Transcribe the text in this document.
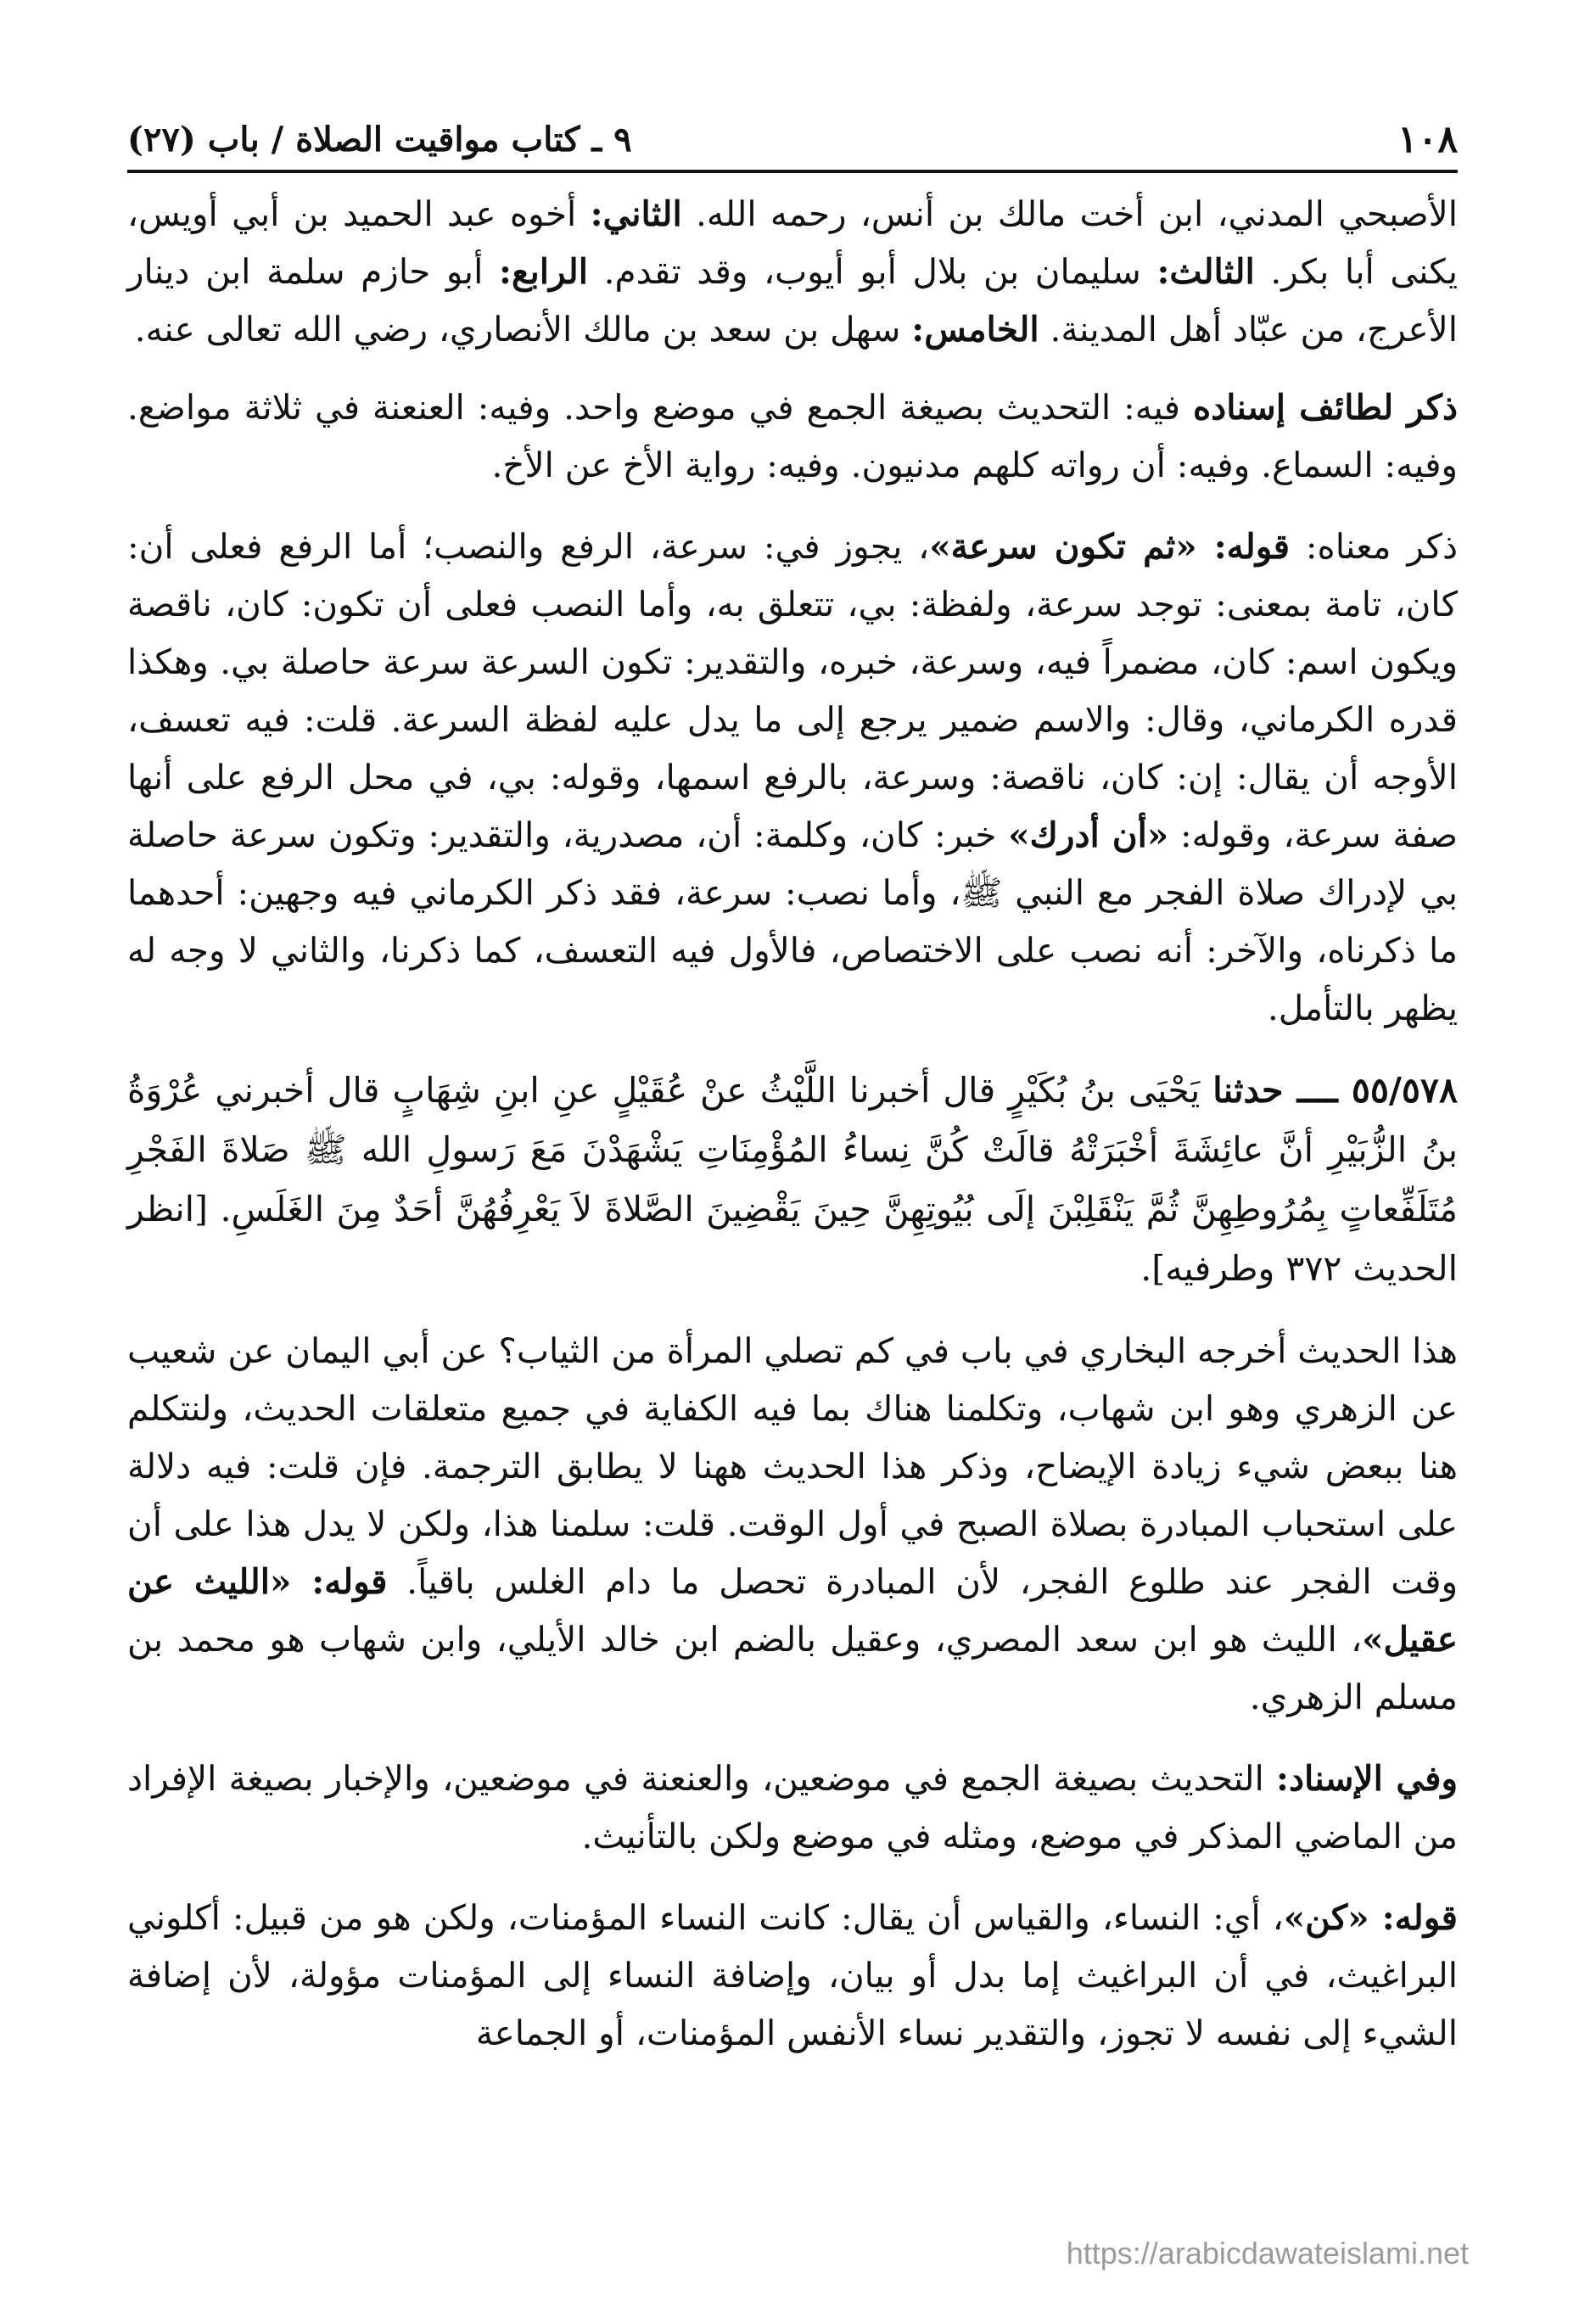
١٠٨
٩ ـ كتاب مواقيت الصلاة / باب (٢٧)

الأصبحي المدني، ابن أخت مالك بن أنس، رحمه الله. الثاني: أخوه عبد الحميد بن أبي أويس، يكنى أبا بكر. الثالث: سليمان بن بلال أبو أيوب، وقد تقدم. الرابع: أبو حازم سلمة ابن دينار الأعرج، من عبّاد أهل المدينة. الخامس: سهل بن سعد بن مالك الأنصاري، رضي الله تعالى عنه.

ذكر لطائف إسناده فيه: التحديث بصيغة الجمع في موضع واحد. وفيه: العنعنة في ثلاثة مواضع. وفيه: السماع. وفيه: أن رواته كلهم مدنيون. وفيه: رواية الأخ عن الأخ.

ذكر معناه: قوله: «ثم تكون سرعة»، يجوز في: سرعة، الرفع والنصب؛ أما الرفع فعلى أن: كان، تامة بمعنى: توجد سرعة، ولفظة: بي، تتعلق به، وأما النصب فعلى أن تكون: كان، ناقصة ويكون اسم: كان، مضمراً فيه، وسرعة، خبره، والتقدير: تكون السرعة سرعة حاصلة بي. وهكذا قدره الكرماني، وقال: والاسم ضمير يرجع إلى ما يدل عليه لفظة السرعة. قلت: فيه تعسف، الأوجه أن يقال: إن: كان، ناقصة: وسرعة، بالرفع اسمها، وقوله: بي، في محل الرفع على أنها صفة سرعة، وقوله: «أن أدرك» خبر: كان، وكلمة: أن، مصدرية، والتقدير: وتكون سرعة حاصلة بي لإدراك صلاة الفجر مع النبي ﷺ، وأما نصب: سرعة، فقد ذكر الكرماني فيه وجهين: أحدهما ما ذكرناه، والآخر: أنه نصب على الاختصاص، فالأول فيه التعسف، كما ذكرنا، والثاني لا وجه له يظهر بالتأمل.

٥٥/٥٧٨ ــــ حدثنا يَحْيَى بنُ بُكَيْرٍ قال أخبرنا اللَّيْثُ عنْ عُقَيْلٍ عنِ ابنِ شِهَابٍ قال أخبرني عُرْوَةُ بنُ الزُّبَيْرِ أنَّ عائِشَةَ أخْبَرَتْهُ قالَتْ كُنَّ نِساءُ المُؤْمِنَاتِ يَشْهَدْنَ مَعَ رَسولِ الله ﷺ صَلاةَ الفَجْرِ مُتَلَفِّعاتٍ بِمُرُوطِهِنَّ ثُمَّ يَنْقَلِبْنَ إلَى بُيُوتِهِنَّ حِينَ يَقْضِينَ الصَّلاةَ لاَ يَعْرِفُهُنَّ أحَدٌ مِنَ الغَلَسِ. [انظر الحديث ٣٧٢ وطرفيه].

هذا الحديث أخرجه البخاري في باب في كم تصلي المرأة من الثياب؟ عن أبي اليمان عن شعيب عن الزهري وهو ابن شهاب، وتكلمنا هناك بما فيه الكفاية في جميع متعلقات الحديث، ولنتكلم هنا ببعض شيء زيادة الإيضاح، وذكر هذا الحديث ههنا لا يطابق الترجمة. فإن قلت: فيه دلالة على استحباب المبادرة بصلاة الصبح في أول الوقت. قلت: سلمنا هذا، ولكن لا يدل هذا على أن وقت الفجر عند طلوع الفجر، لأن المبادرة تحصل ما دام الغلس باقياً. قوله: «الليث عن عقيل»، الليث هو ابن سعد المصري، وعقيل بالضم ابن خالد الأيلي، وابن شهاب هو محمد بن مسلم الزهري.

وفي الإسناد: التحديث بصيغة الجمع في موضعين، والعنعنة في موضعين، والإخبار بصيغة الإفراد من الماضي المذكر في موضع، ومثله في موضع ولكن بالتأنيث.

قوله: «كن»، أي: النساء، والقياس أن يقال: كانت النساء المؤمنات، ولكن هو من قبيل: أكلوني البراغيث، في أن البراغيث إما بدل أو بيان، وإضافة النساء إلى المؤمنات مؤولة، لأن إضافة الشيء إلى نفسه لا تجوز، والتقدير نساء الأنفس المؤمنات، أو الجماعة

https://arabicdawateislami.net
